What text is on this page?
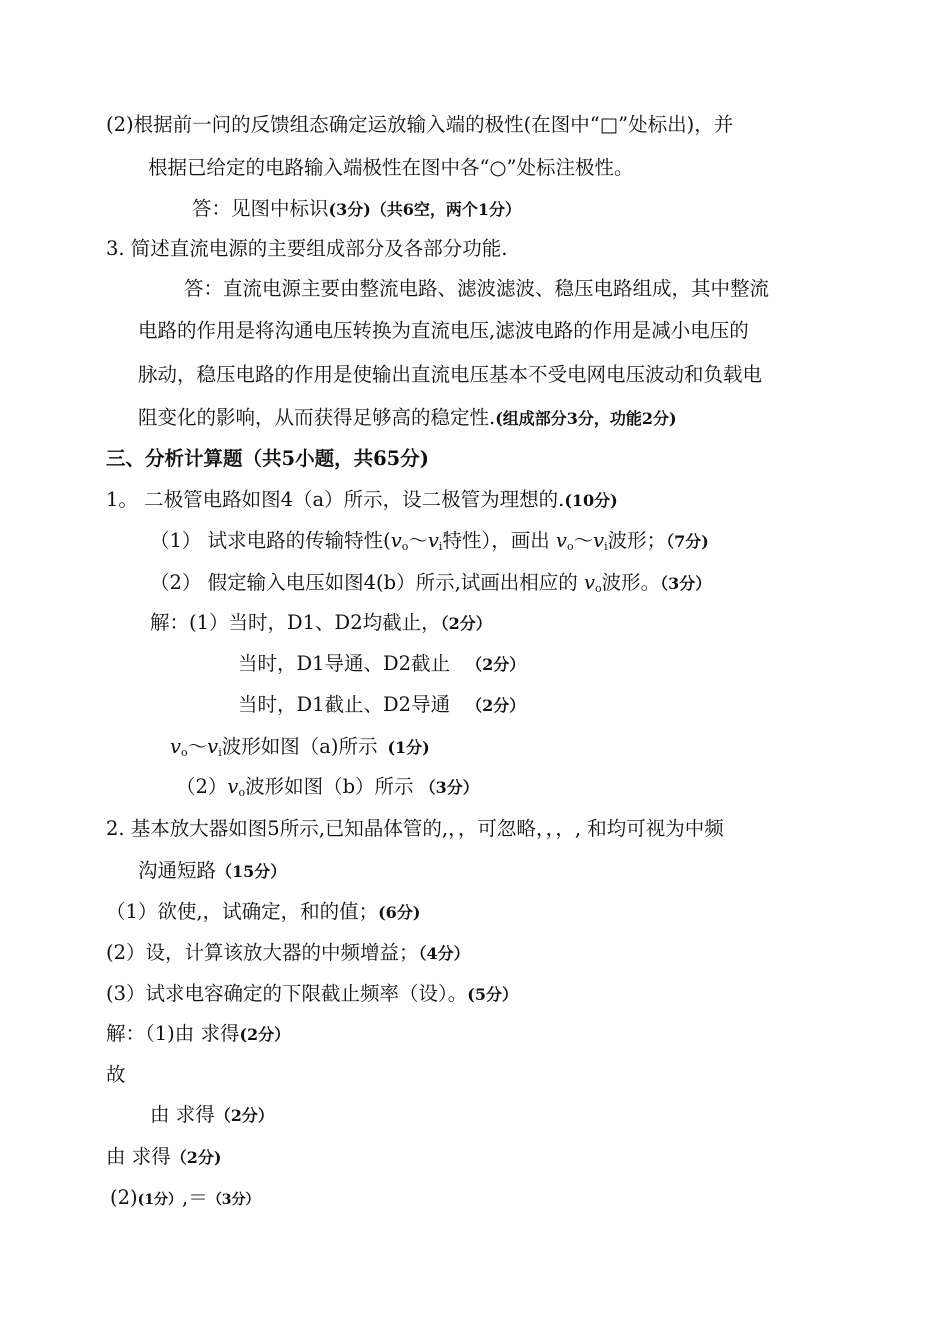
(2)根据前一问的反馈组态确定运放输入端的极性(在图中“□”处标出)，并
根据已给定的电路输入端极性在图中各“○”处标注极性。
答：见图中标识(3分)（共6空，两个1分）
3. 简述直流电源的主要组成部分及各部分功能.
答：直流电源主要由整流电路、滤波滤波、稳压电路组成，其中整流
电路的作用是将沟通电压转换为直流电压,滤波电路的作用是减小电压的
脉动，稳压电路的作用是使输出直流电压基本不受电网电压波动和负载电
阻变化的影响，从而获得足够高的稳定性.(组成部分3分，功能2分)
三、分析计算题（共5小题，共65分)
1。 二极管电路如图4（a）所示，设二极管为理想的.(10分)
（1） 试求电路的传输特性($v_o\sim v_i$特性），画出 $v_o\sim v_i$波形；（7分)
（2） 假定输入电压如图4(b）所示,试画出相应的 $v_o$波形。（3分）
解：(1）当时，D1、D2均截止，（2分）
当时，D1导通、D2截止 （2分）
当时，D1截止、D2导通 （2分）
$v_o\sim v_i$波形如图（a)所示 (1分)
$(2)v_o$波形如图（b）所示 （3分）
2. 基本放大器如图5所示,已知晶体管的,，，可忽略，，，, 和均可视为中频
沟通短路（15分）
（1）欲使,，试确定，和的值；(6分)
(2）设，计算该放大器的中频增益；（4分）
(3）试求电容确定的下限截止频率（设）。(5分）
解：（1)由 求得(2分）
故
由 求得（2分）
由 求得（2分)
(2)(1分）,＝（3分）
